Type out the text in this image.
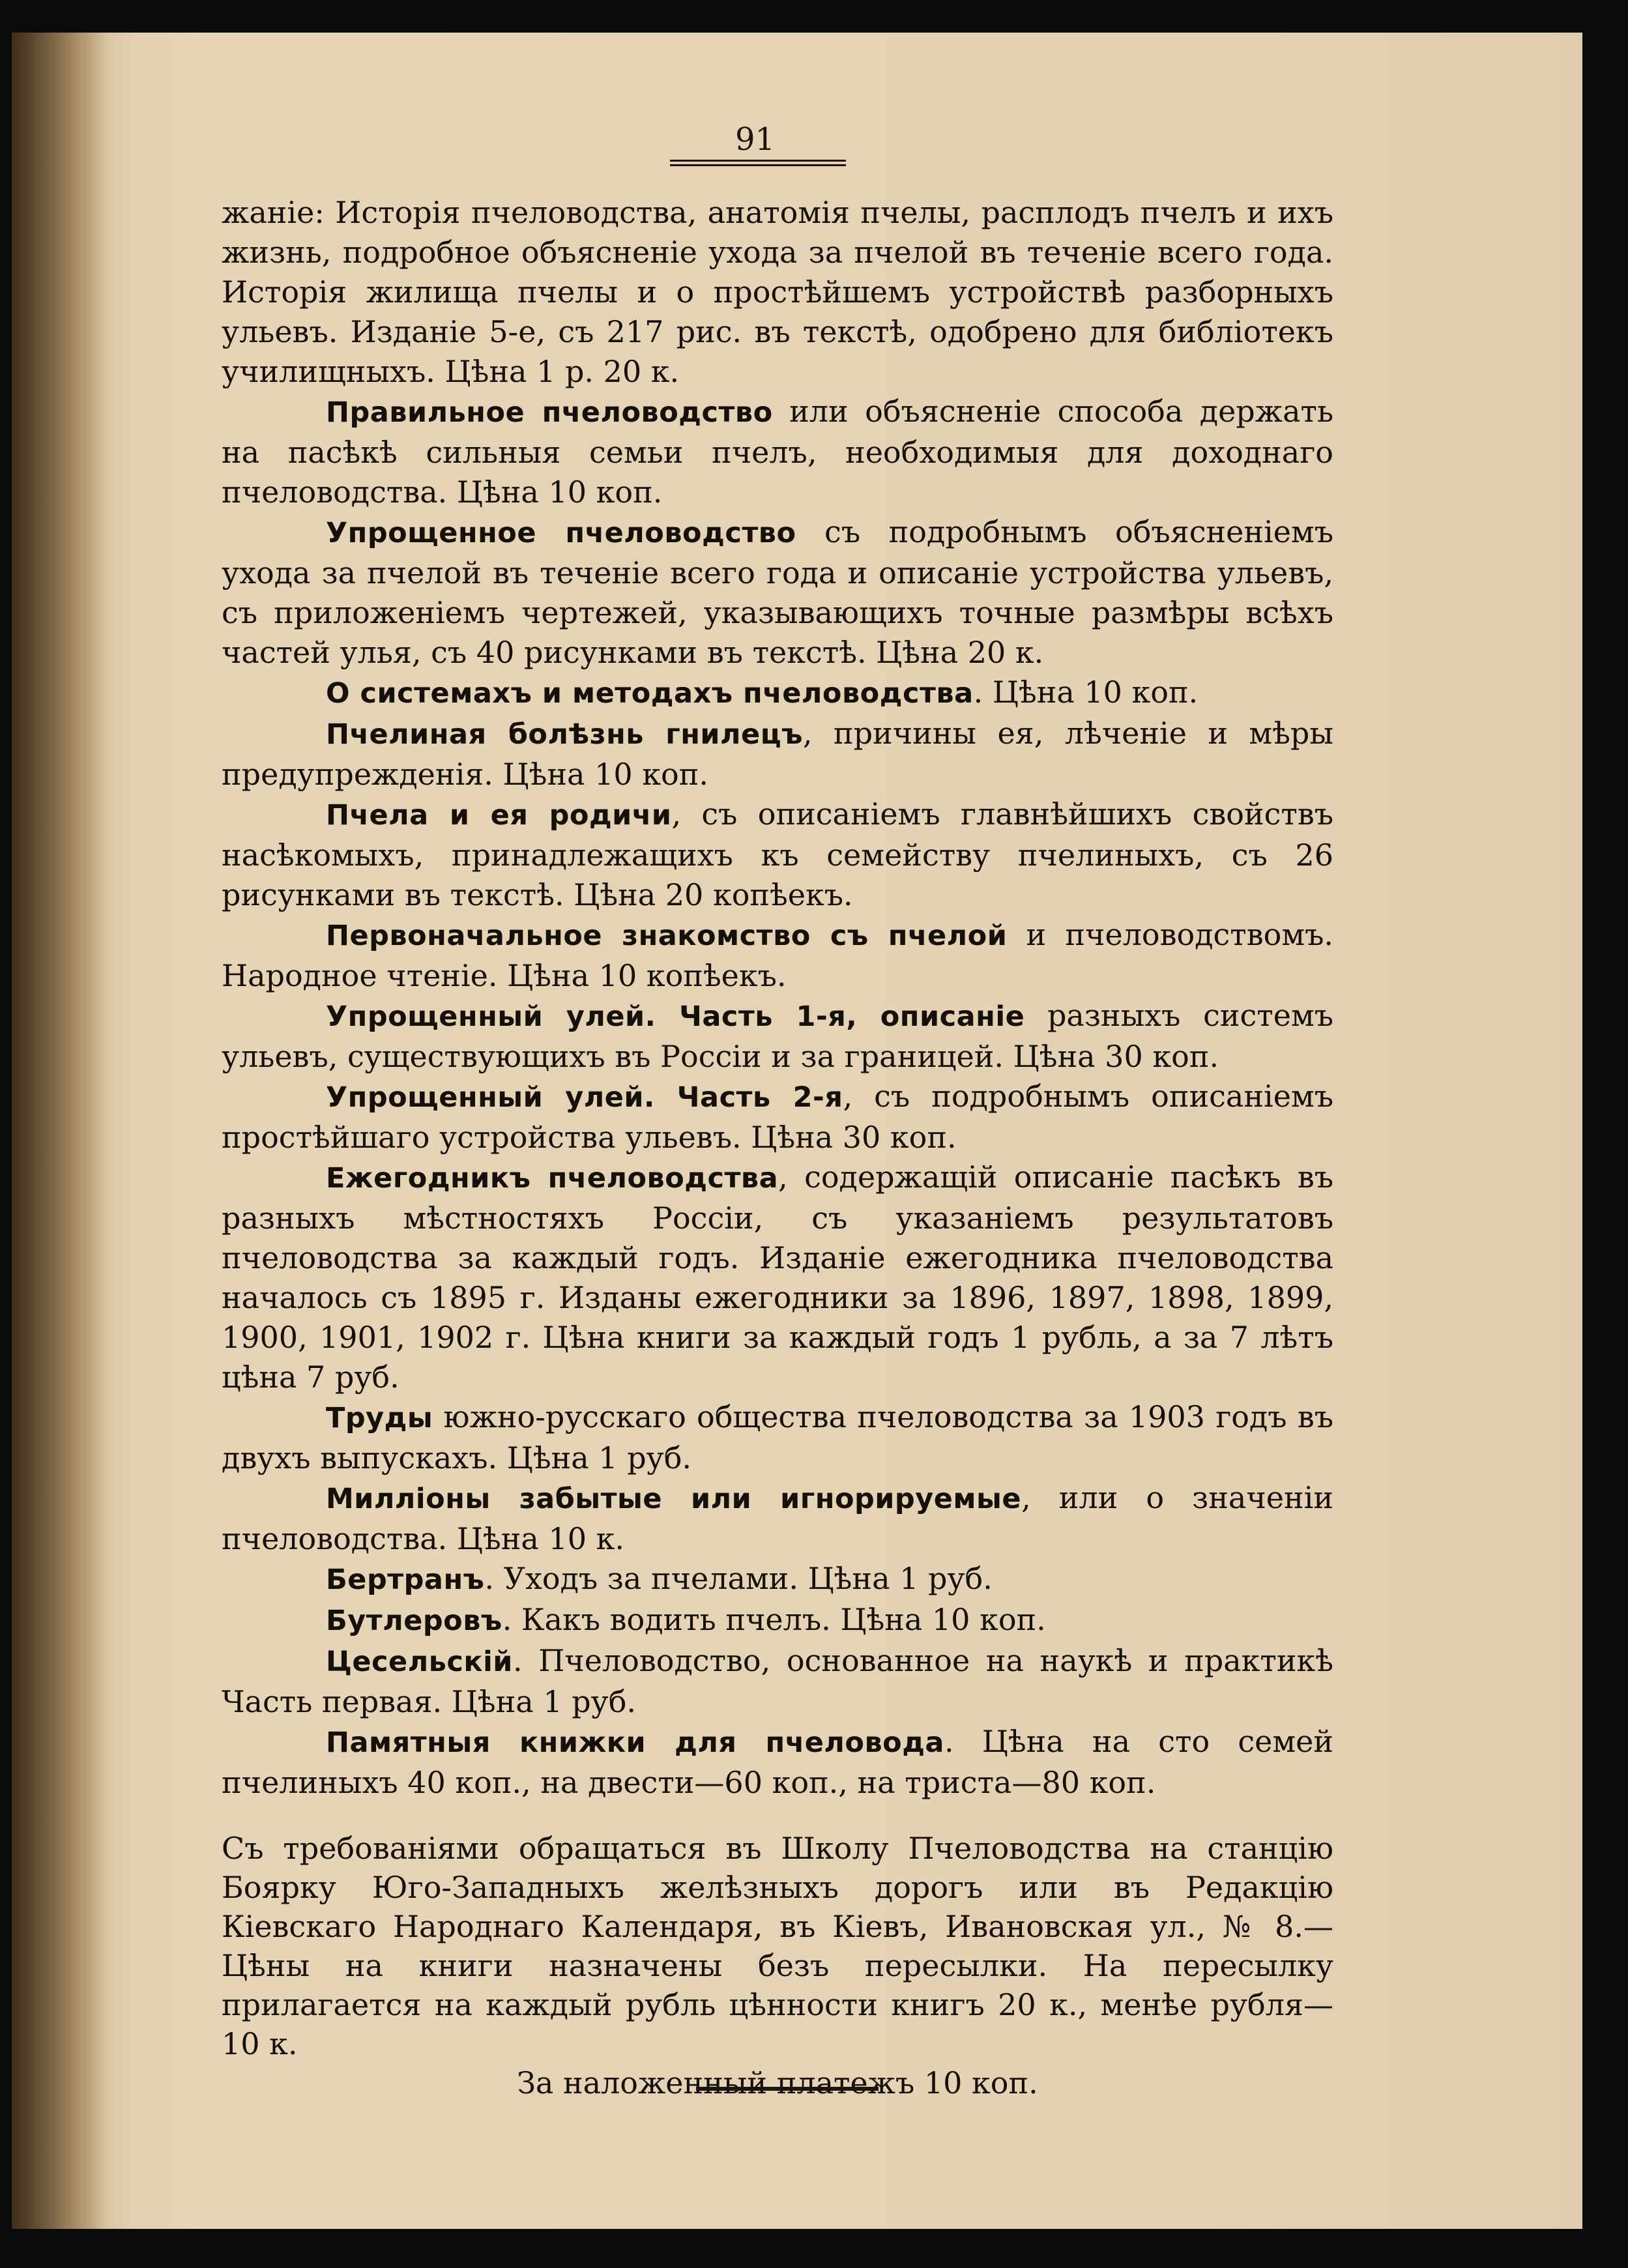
91

жаніе: Исторія пчеловодства, анатомія пчелы, расплодъ пчелъ и ихъ жизнь, подробное объясненіе ухода за пчелой въ теченіе всего года. Исторія жилища пчелы и о простѣйшемъ устройствѣ разборныхъ ульевъ. Изданіе 5-е, съ 217 рис. въ текстѣ, одобрено для библіотекъ училищныхъ. Цѣна 1 р. 20 к.

Правильное пчеловодство или объясненіе способа держать на пасѣкѣ сильныя семьи пчелъ, необходимыя для доходнаго пчеловодства. Цѣна 10 коп.

Упрощенное пчеловодство съ подробнымъ объясненіемъ ухода за пчелой въ теченіе всего года и описаніе устройства ульевъ, съ приложеніемъ чертежей, указывающихъ точные размѣры всѣхъ частей улья, съ 40 рисунками въ текстѣ. Цѣна 20 к.

О системахъ и методахъ пчеловодства. Цѣна 10 коп.

Пчелиная болѣзнь гнилецъ, причины ея, лѣченіе и мѣры предупрежденія. Цѣна 10 коп.

Пчела и ея родичи, съ описаніемъ главнѣйшихъ свойствъ насѣкомыхъ, принадлежащихъ къ семейству пчелиныхъ, съ 26 рисунками въ текстѣ. Цѣна 20 копѣекъ.

Первоначальное знакомство съ пчелой и пчеловодствомъ. Народное чтеніе. Цѣна 10 копѣекъ.

Упрощенный улей. Часть 1-я, описаніе разныхъ системъ ульевъ, существующихъ въ Россіи и за границей. Цѣна 30 коп.

Упрощенный улей. Часть 2-я, съ подробнымъ описаніемъ простѣйшаго устройства ульевъ. Цѣна 30 коп.

Ежегодникъ пчеловодства, содержащій описаніе пасѣкъ въ разныхъ мѣстностяхъ Россіи, съ указаніемъ результатовъ пчеловодства за каждый годъ. Изданіе ежегодника пчеловодства началось съ 1895 г. Изданы ежегодники за 1896, 1897, 1898, 1899, 1900, 1901, 1902 г. Цѣна книги за каждый годъ 1 рубль, а за 7 лѣтъ цѣна 7 руб.

Труды южно-русскаго общества пчеловодства за 1903 годъ въ двухъ выпускахъ. Цѣна 1 руб.

Милліоны забытые или игнорируемые, или о значеніи пчеловодства. Цѣна 10 к.

Бертранъ. Уходъ за пчелами. Цѣна 1 руб.

Бутлеровъ. Какъ водить пчелъ. Цѣна 10 коп.

Цесельскій. Пчеловодство, основанное на наукѣ и практикѣ Часть первая. Цѣна 1 руб.

Памятныя книжки для пчеловода. Цѣна на сто семей пчелиныхъ 40 коп., на двести—60 коп., на триста—80 коп.

Съ требованіями обращаться въ Школу Пчеловодства на станцію Боярку Юго-Западныхъ желѣзныхъ дорогъ или въ Редакцію Кіевскаго Народнаго Календаря, въ Кіевъ, Ивановская ул., № 8.— Цѣны на книги назначены безъ пересылки. На пересылку прилагается на каждый рубль цѣнности книгъ 20 к., менѣе рубля—10 к.
За наложенный платежъ 10 коп.
